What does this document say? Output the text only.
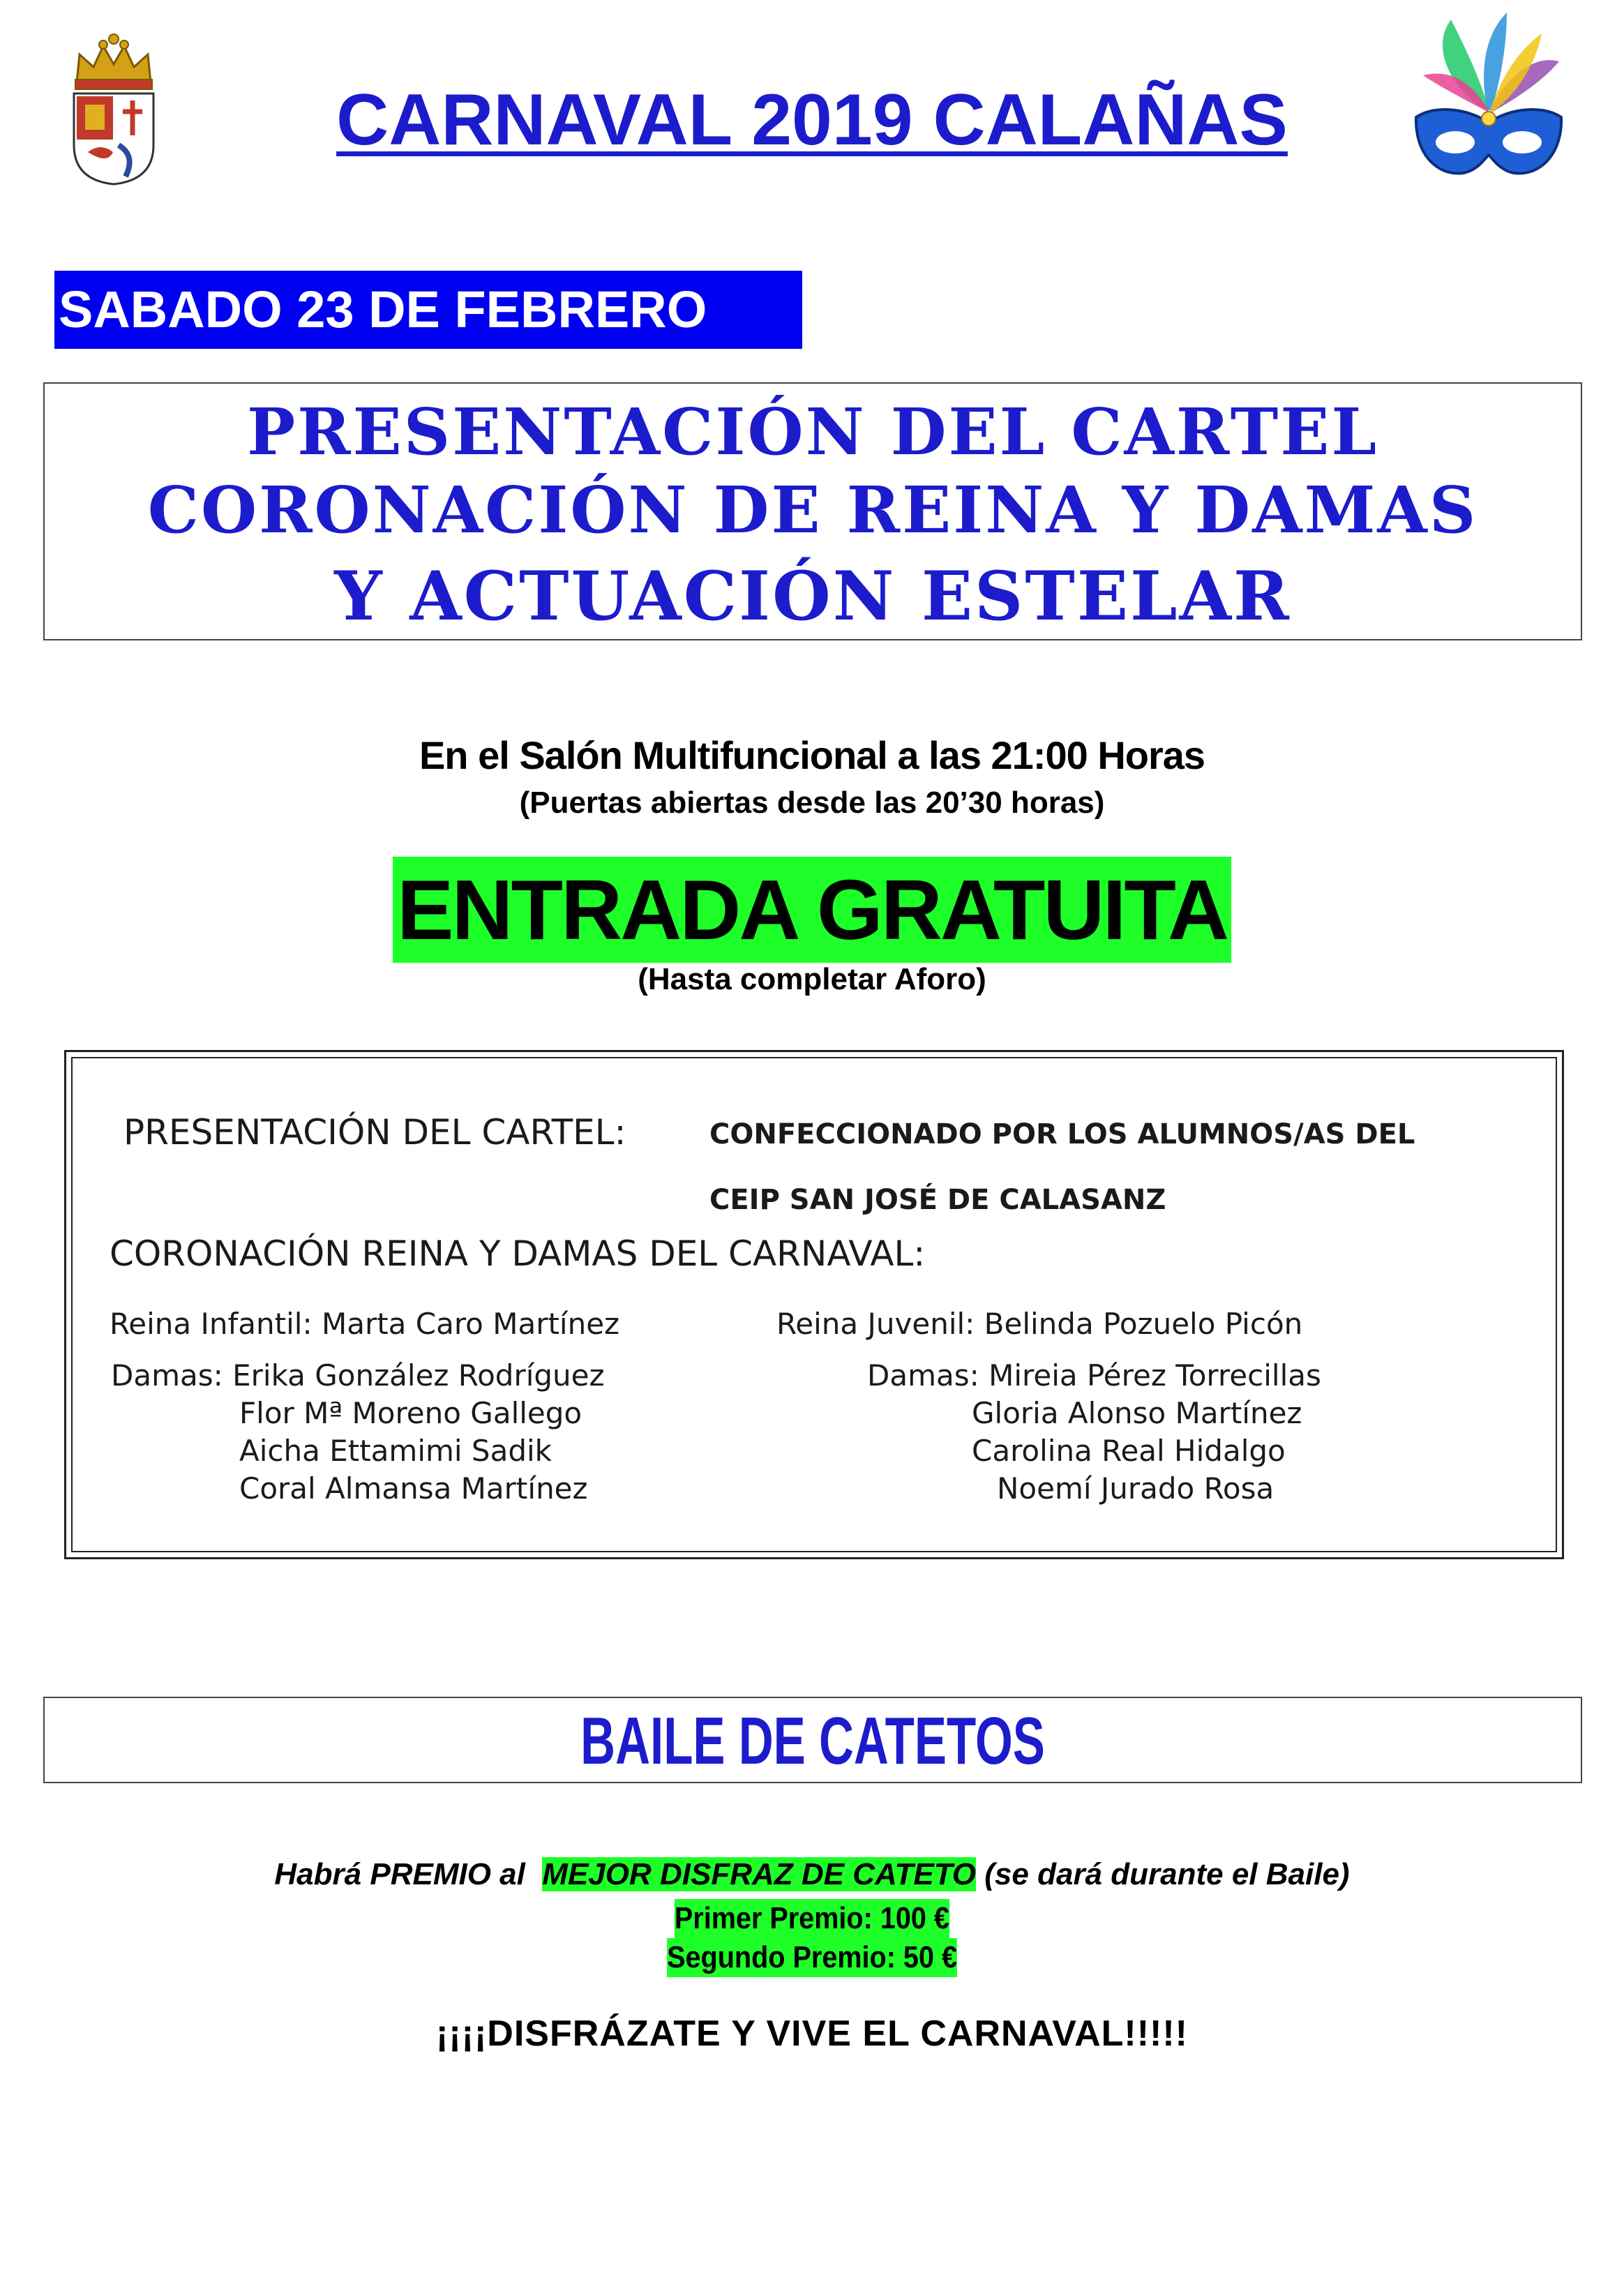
CARNAVAL 2019 CALAÑAS
SABADO 23 DE FEBRERO
PRESENTACIÓN DEL CARTEL
CORONACIÓN DE REINA Y DAMAS
Y ACTUACIÓN ESTELAR
En el Salón Multifuncional a las 21:00 Horas
(Puertas abiertas desde las 20’30 horas)
ENTRADA GRATUITA
(Hasta completar Aforo)
PRESENTACIÓN DEL CARTEL:	CONFECCIONADO POR LOS ALUMNOS/AS DEL
CEIP SAN JOSÉ DE CALASANZ
CORONACIÓN REINA Y DAMAS DEL CARNAVAL:
Reina Infantil: Marta Caro Martínez
Damas: Erika González Rodríguez
Flor Mª Moreno Gallego
Aicha Ettamimi Sadik
Coral Almansa Martínez
Reina Juvenil: Belinda Pozuelo Picón
Damas: Mireia Pérez Torrecillas
Gloria Alonso Martínez
Carolina Real Hidalgo
Noemí Jurado Rosa
BAILE DE CATETOS
Habrá PREMIO al  MEJOR DISFRAZ DE CATETO (se dará durante el Baile)
Primer Premio: 100 €
Segundo Premio: 50 €
¡¡¡¡DISFRÁZATE Y VIVE EL CARNAVAL!!!!!
